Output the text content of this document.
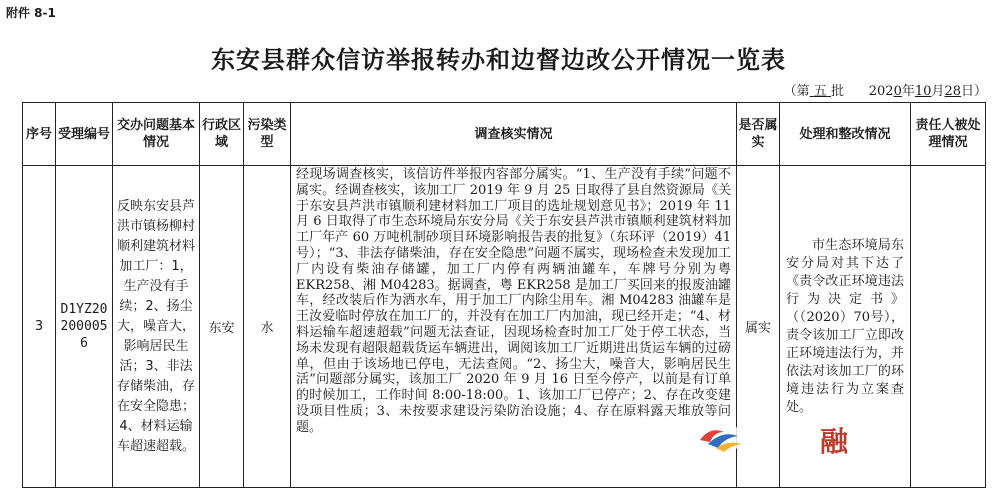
附件 8-1
东安县群众信访举报转办和边督边改公开情况一览表
（第 五 批 2020年10月28日）
序号	受理编号	交办问题基本情况	行政区域	污染类型	调查核实情况	是否属实	处理和整改情况	责任人被处理情况
3	D1YZ202000056	反映东安县芦洪市镇杨柳村顺利建筑材料加工厂：1，生产没有手续；2、扬尘大，噪音大，影响居民生活；3、非法存储柴油，存在安全隐患；4、材料运输车超速超载。	东安	水	经现场调查核实，该信访件举报内容部分属实。“1、生产没有手续”问题不属实。经调查核实，该加工厂 2019 年 9 月 25 日取得了县自然资源局《关于东安县芦洪市镇顺利建材料加工厂项目的选址规划意见书》；2019 年 11 月 6 日取得了市生态环境局东安分局《关于东安县芦洪市镇顺利建筑材料加工厂年产 60 万吨机制砂项目环境影响报告表的批复》（东环评（2019）41 号）；“3、非法存储柴油，存在安全隐患”问题不属实，现场检查未发现加工厂内设有柴油存储罐，加工厂内停有两辆油罐车，车牌号分别为粤 EKR258、湘 M04283。据调查，粤 EKR258 是加工厂买回来的报废油罐车，经改装后作为洒水车，用于加工厂内除尘用车。湘 M04283 油罐车是王汝爱临时停放在加工厂的，并没有在加工厂内加油，现已经开走；“4、材料运输车超速超载”问题无法查证，因现场检查时加工厂处于停工状态，当场未发现有超限超载货运车辆进出，调阅该加工厂近期进出货运车辆的过磅单，但由于该场地已停电，无法查阅。“2、扬尘大，噪音大，影响居民生活”问题部分属实，该加工厂 2020 年 9 月 16 日至今停产，以前是有订单的时候加工，工作时间 8:00-18:00。1、该加工厂已停产；2、存在改变建设项目性质；3、未按要求建设污染防治设施；4、存在原料露天堆放等问题。	属实	市生态环境局东安分局对其下达了《责令改正环境违法行为决定书》（（2020）70号），责令该加工厂立即改正环境违法行为，并依法对该加工厂的环境违法行为立案查处。	
融
